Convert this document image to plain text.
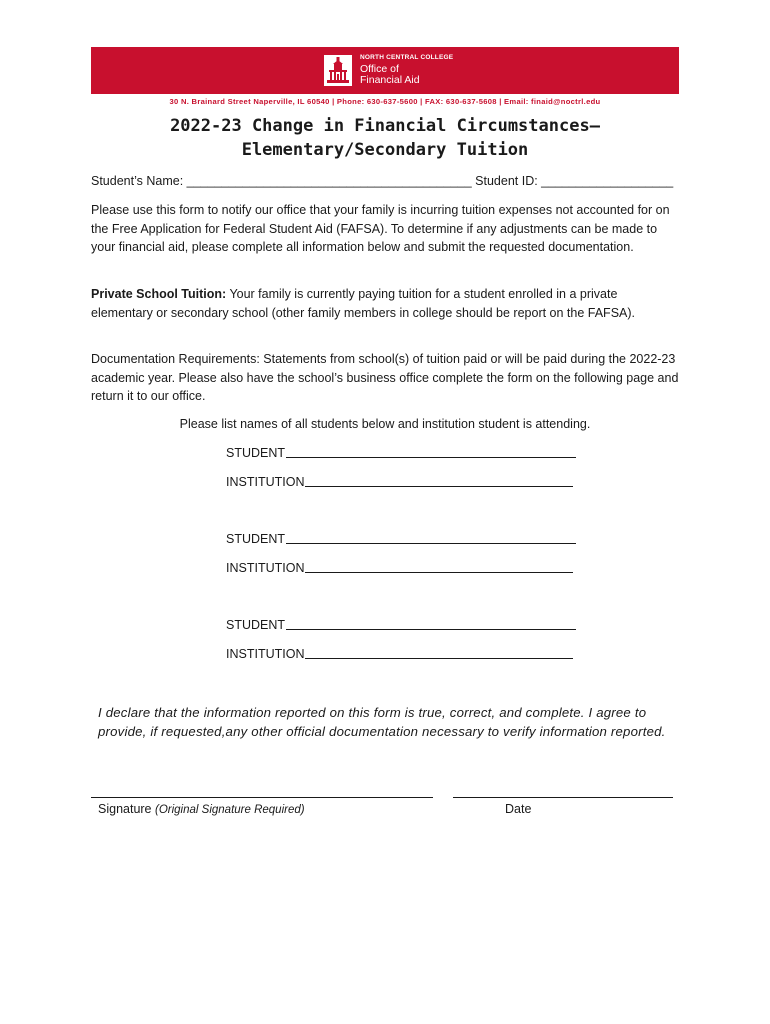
NORTH CENTRAL COLLEGE
Office of
Financial Aid
30 N. Brainard Street Naperville, IL 60540 | Phone: 630-637-5600 | FAX: 630-637-5608 | Email: finaid@noctrl.edu
2022-23 Change in Financial Circumstances—
Elementary/Secondary Tuition
Student’s Name: _________________________________________ Student ID: ___________________
Please use this form to notify our office that your family is incurring tuition expenses not accounted for on the Free Application for Federal Student Aid (FAFSA). To determine if any adjustments can be made to your financial aid, please complete all information below and submit the requested documentation.
Private School Tuition: Your family is currently paying tuition for a student enrolled in a private elementary or secondary school (other family members in college should be report on the FAFSA).
Documentation Requirements: Statements from school(s) of tuition paid or will be paid during the 2022-23 academic year. Please also have the school’s business office complete the form on the following page and return it to our office.
Please list names of all students below and institution student is attending.
STUDENT
INSTITUTION
STUDENT
INSTITUTION
STUDENT
INSTITUTION
I declare that the information reported on this form is true, correct, and complete. I agree to provide, if requested,any other official documentation necessary to verify information reported.
Signature (Original Signature Required)	Date
